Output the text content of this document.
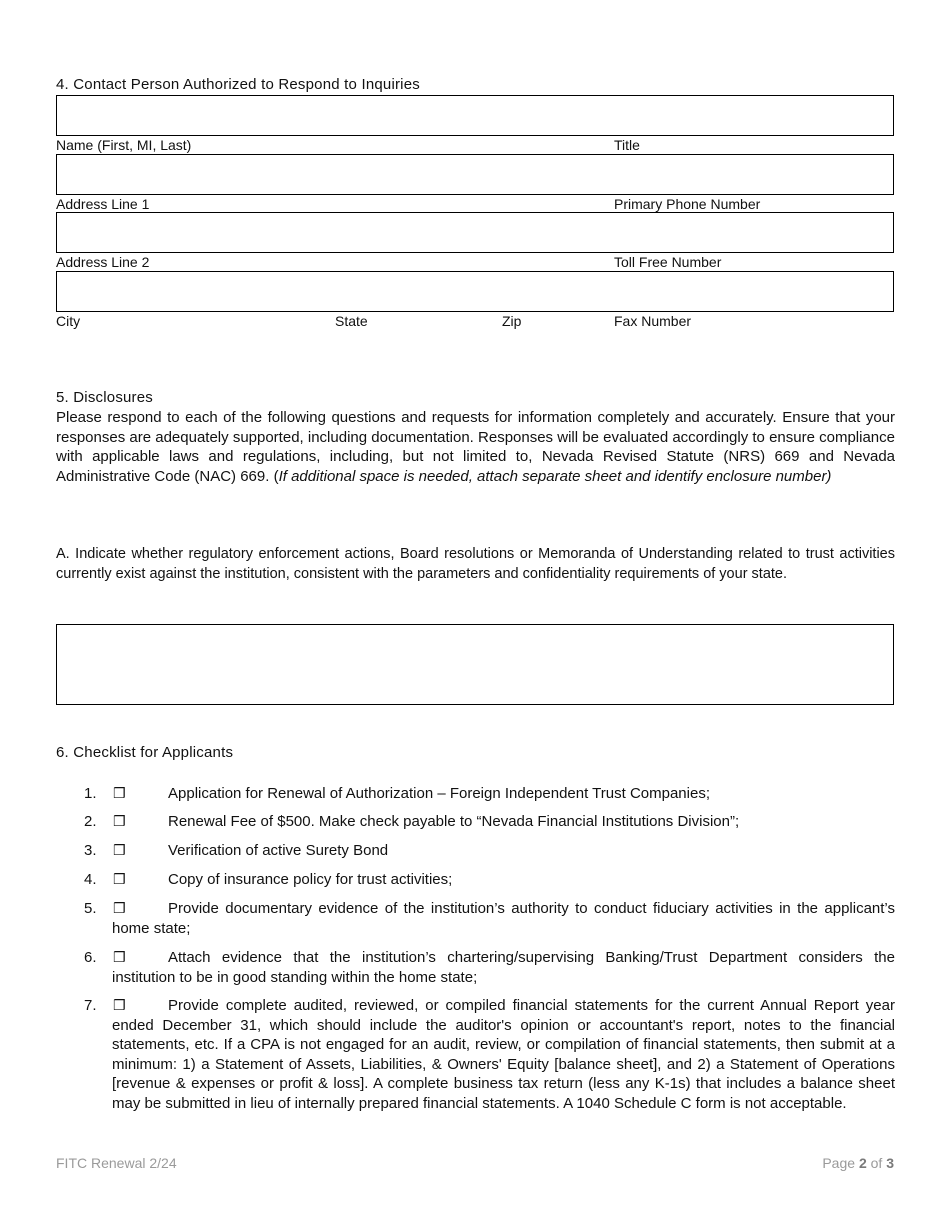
4. Contact Person Authorized to Respond to Inquiries
Name (First, MI, Last)	Title
Address Line 1	Primary Phone Number
Address Line 2	Toll Free Number
City	State	Zip	Fax Number
5. Disclosures
Please respond to each of the following questions and requests for information completely and accurately. Ensure that your responses are adequately supported, including documentation. Responses will be evaluated accordingly to ensure compliance with applicable laws and regulations, including, but not limited to, Nevada Revised Statute (NRS) 669 and Nevada Administrative Code (NAC) 669. (If additional space is needed, attach separate sheet and identify enclosure number)
A. Indicate whether regulatory enforcement actions, Board resolutions or Memoranda of Understanding related to trust activities currently exist against the institution, consistent with the parameters and confidentiality requirements of your state.
6. Checklist for Applicants
1. ❒	Application for Renewal of Authorization – Foreign Independent Trust Companies;
2. ❒	Renewal Fee of $500. Make check payable to “Nevada Financial Institutions Division”;
3. ❒	Verification of active Surety Bond
4. ❒	Copy of insurance policy for trust activities;
5. ❒	Provide documentary evidence of the institution’s authority to conduct fiduciary activities in the applicant’s home state;
6. ❒	Attach evidence that the institution’s chartering/supervising Banking/Trust Department considers the institution to be in good standing within the home state;
7. ❒	Provide complete audited, reviewed, or compiled financial statements for the current Annual Report year ended December 31, which should include the auditor's opinion or accountant's report, notes to the financial statements, etc. If a CPA is not engaged for an audit, review, or compilation of financial statements, then submit at a minimum: 1) a Statement of Assets, Liabilities, & Owners' Equity [balance sheet], and 2) a Statement of Operations [revenue & expenses or profit & loss]. A complete business tax return (less any K-1s) that includes a balance sheet may be submitted in lieu of internally prepared financial statements. A 1040 Schedule C form is not acceptable.
FITC Renewal 2/24	Page 2 of 3
